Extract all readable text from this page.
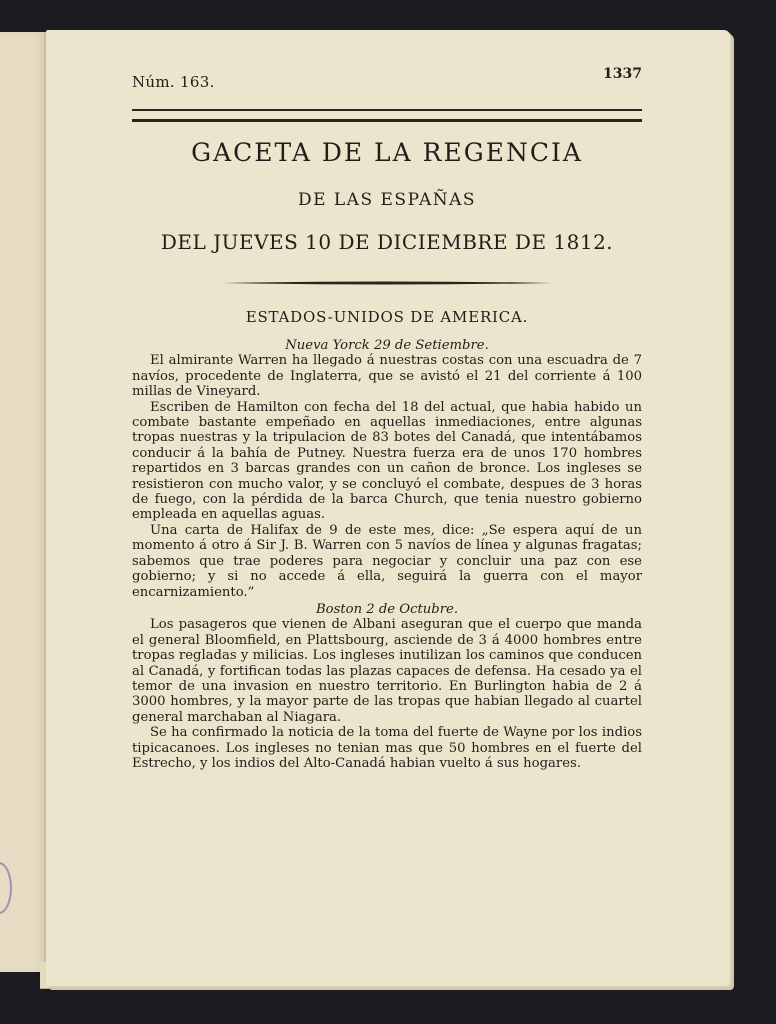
Núm. 163.	1337
GACETA DE LA REGENCIA
DE LAS ESPAÑAS
DEL JUEVES 10 DE DICIEMBRE DE 1812.
ESTADOS-UNIDOS DE AMERICA.

Nueva Yorck 29 de Setiembre.

El almirante Warren ha llegado á nuestras costas con una escuadra de 7 navíos, procedente de Inglaterra, que se avistó el 21 del corriente á 100 millas de Vineyard.

Escriben de Hamilton con fecha del 18 del actual, que habia habido un combate bastante empeñado en aquellas inmediaciones, entre algunas tropas nuestras y la tripulacion de 83 botes del Canadá, que intentábamos conducir á la bahía de Putney. Nuestra fuerza era de unos 170 hombres repartidos en 3 barcas grandes con un cañon de bronce. Los ingleses se resistieron con mucho valor, y se concluyó el combate, despues de 3 horas de fuego, con la pérdida de la barca Church, que tenia nuestro gobierno empleada en aquellas aguas.

Una carta de Halifax de 9 de este mes, dice: „Se espera aquí de un momento á otro á Sir J. B. Warren con 5 navíos de línea y algunas fragatas; sabemos que trae poderes para negociar y concluir una paz con ese gobierno; y si no accede á ella, seguirá la guerra con el mayor encarnizamiento.”

Boston 2 de Octubre.

Los pasageros que vienen de Albani aseguran que el cuerpo que manda el general Bloomfield, en Plattsbourg, asciende de 3 á 4000 hombres entre tropas regladas y milicias. Los ingleses inutilizan los caminos que conducen al Canadá, y fortifican todas las plazas capaces de defensa. Ha cesado ya el temor de una invasion en nuestro territorio. En Burlington habia de 2 á 3000 hombres, y la mayor parte de las tropas que habian llegado al cuartel general marchaban al Niagara.

Se ha confirmado la noticia de la toma del fuerte de Wayne por los indios tipicacanoes. Los ingleses no tenian mas que 50 hombres en el fuerte del Estrecho, y los indios del Alto-Canadá habian vuelto á sus hogares.
